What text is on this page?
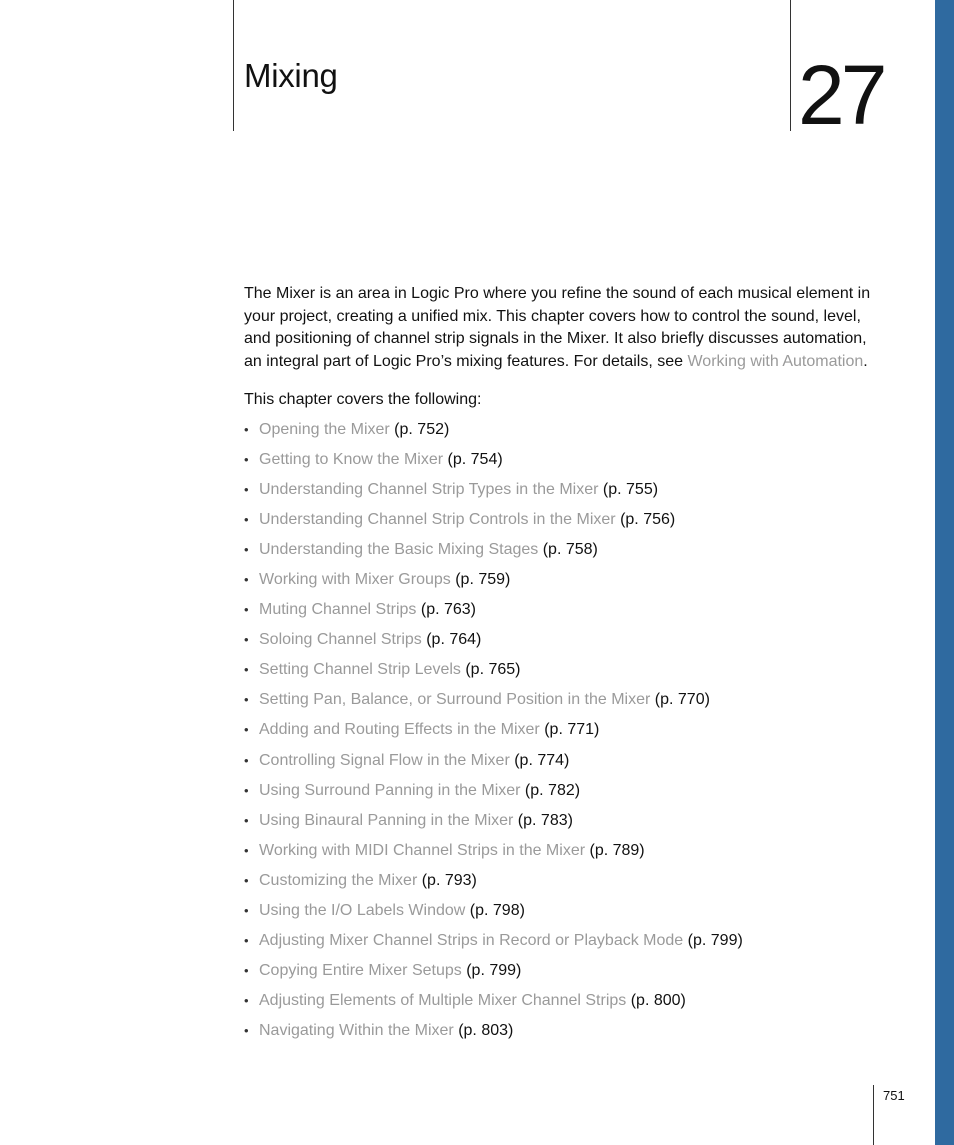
Mixing	27

The Mixer is an area in Logic Pro where you refine the sound of each musical element in your project, creating a unified mix. This chapter covers how to control the sound, level, and positioning of channel strip signals in the Mixer. It also briefly discusses automation, an integral part of Logic Pro’s mixing features. For details, see Working with Automation.

This chapter covers the following:
• Opening the Mixer (p. 752)
• Getting to Know the Mixer (p. 754)
• Understanding Channel Strip Types in the Mixer (p. 755)
• Understanding Channel Strip Controls in the Mixer (p. 756)
• Understanding the Basic Mixing Stages (p. 758)
• Working with Mixer Groups (p. 759)
• Muting Channel Strips (p. 763)
• Soloing Channel Strips (p. 764)
• Setting Channel Strip Levels (p. 765)
• Setting Pan, Balance, or Surround Position in the Mixer (p. 770)
• Adding and Routing Effects in the Mixer (p. 771)
• Controlling Signal Flow in the Mixer (p. 774)
• Using Surround Panning in the Mixer (p. 782)
• Using Binaural Panning in the Mixer (p. 783)
• Working with MIDI Channel Strips in the Mixer (p. 789)
• Customizing the Mixer (p. 793)
• Using the I/O Labels Window (p. 798)
• Adjusting Mixer Channel Strips in Record or Playback Mode (p. 799)
• Copying Entire Mixer Setups (p. 799)
• Adjusting Elements of Multiple Mixer Channel Strips (p. 800)
• Navigating Within the Mixer (p. 803)
751
